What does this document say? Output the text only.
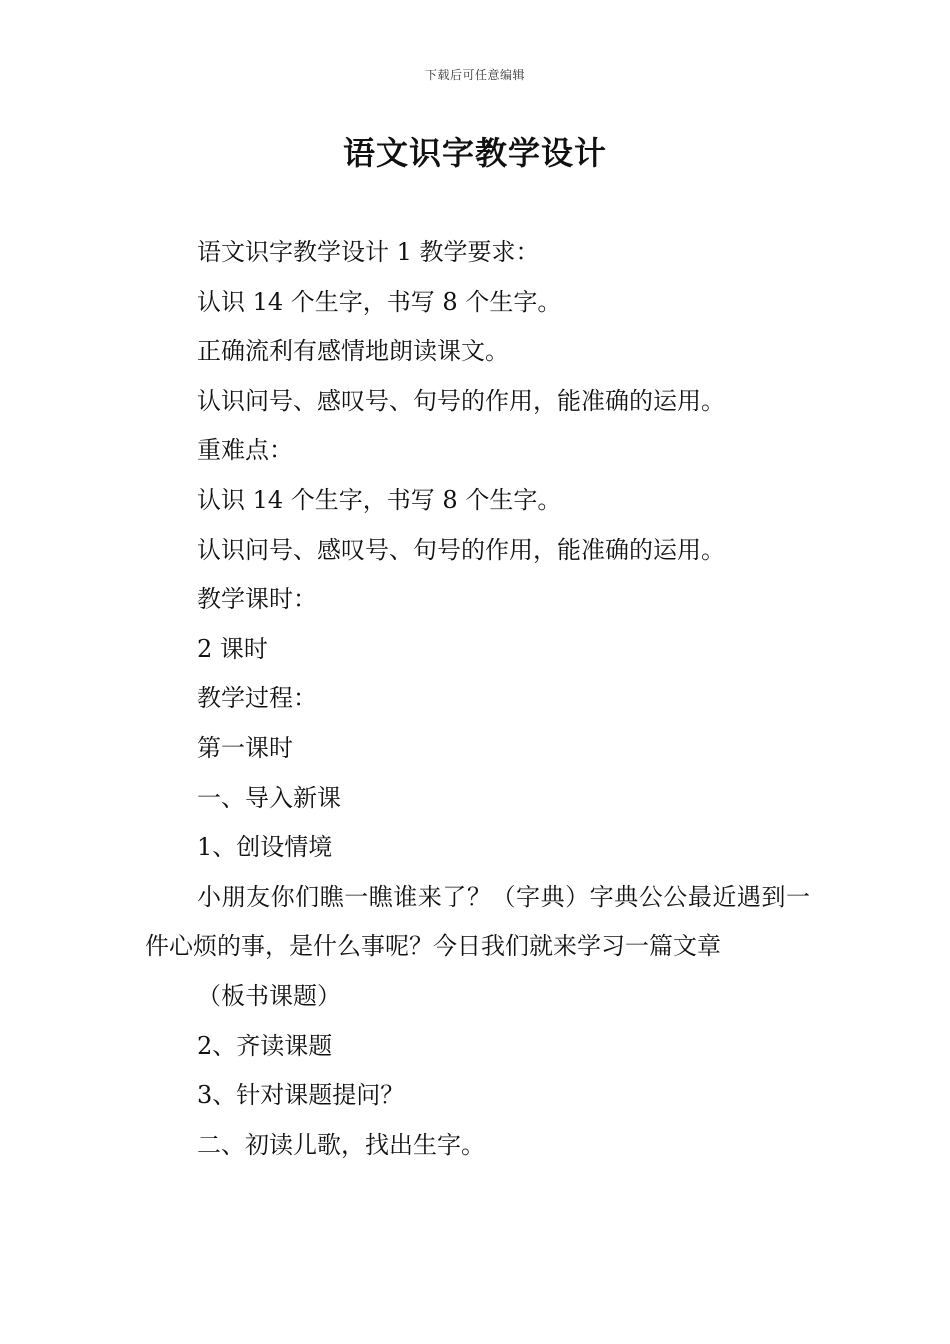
下载后可任意编辑
语文识字教学设计

语文识字教学设计 1 教学要求：

认识 14 个生字，书写 8 个生字。

正确流利有感情地朗读课文。

认识问号、感叹号、句号的作用，能准确的运用。

重难点：

认识 14 个生字，书写 8 个生字。

认识问号、感叹号、句号的作用，能准确的运用。

教学课时：

2 课时

教学过程：

第一课时

一、导入新课

1、创设情境

小朋友你们瞧一瞧谁来了？（字典）字典公公最近遇到一件心烦的事，是什么事呢？今日我们就来学习一篇文章

（板书课题）

2、齐读课题

3、针对课题提问？

二、初读儿歌，找出生字。
